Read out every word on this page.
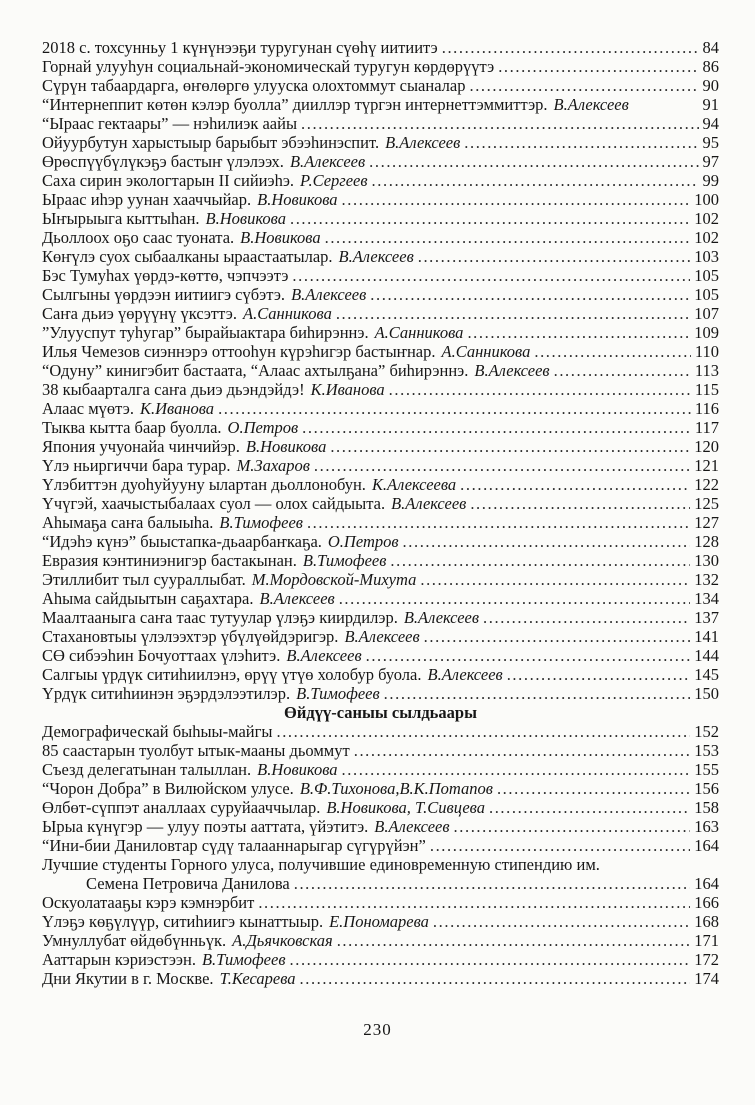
2018 с. тохсунньу 1 күнүнээҕи туругунан сүөһү иитиитэ .....	84
Горнай улууһун социальнай-экономическай туругун көрдөрүүтэ .....	86
Сүрүн табаардарга, өҥөлөргө улууска олохтоммут сыаналар .....	90
“Интернеппит көтөн кэлэр буолла” дииллэр түргэн интернеттэммиттэр. В.Алексеев	91
“Ыраас гектаары” — нэһилиэк аайы .....	94
Ойуурбутун харыстыыр барыбыт эбээһинэспит. В.Алексеев .....	95
Өрөспүүбүлүкэҕэ бастыҥ үлэлээх. В.Алексеев .....	97
Саха сирин экологтарын II сийиэһэ. Р.Сергеев .....	99
Ыраас иһэр уунан хааччыйар. В.Новикова .....	100
Ыҥырыыга кыттыһан. В.Новикова .....	102
Дьоллоох оҕо саас туоната. В.Новикова .....	102
Көҥүлэ суох сыбаалканы ыраастаатылар. В.Алексеев .....	103
Бэс Тумуһах үөрдэ-көттө, чэпчээтэ .....	105
Сылгыны үөрдээн иитиигэ сүбэтэ. В.Алексеев .....	105
Саҥа дьиэ үөрүүнү үксэттэ. А.Санникова .....	107
”Улууспут туһугар” бырайыактара биһирэннэ. А.Санникова .....	109
Илья Чемезов сиэннэрэ оттооһун күрэһигэр бастыҥнар. А.Санникова .....	110
“Одуну” кинигэбит бастаата, “Алаас ахтылҕана” биһирэннэ. В.Алексеев .....	113
38 кыбаарталга саҥа дьиэ дьэндэйдэ! К.Иванова .....	115
Алаас мүөтэ. К.Иванова .....	116
Тыква кытта баар буолла. О.Петров .....	117
Япония учуонайа чинчийэр. В.Новикова .....	120
Үлэ ньиргиччи бара турар. М.Захаров .....	121
Үлэбиттэн дуоһуйууну ылартан дьоллонобун. К.Алексеева .....	122
Үчүгэй, хаачыстыбалаах суол — олох сайдыыта. В.Алексеев .....	125
Аһымаҕа саҥа балыыһа. В.Тимофеев .....	127
“Идэһэ күнэ” быыстапка-дьаарбаҥкаҕа. О.Петров .....	128
Евразия кэнтиниэнигэр бастакынан. В.Тимофеев .....	130
Этиллибит тыл суураллыбат. М.Мордовской-Михута .....	132
Аһыма сайдыытын саҕахтара. В.Алексеев .....	134
Маалтааныга саҥа таас тутуулар үлэҕэ киирдилэр. В.Алексеев .....	137
Стахановтыы үлэлээхтэр үбүлүөйдэригэр. В.Алексеев .....	141
СӨ сибээһин Бочуоттаах үлэһитэ. В.Алексеев .....	144
Салгыы үрдүк ситиһиилэнэ, өрүү үтүө холобур буола. В.Алексеев .....	145
Үрдүк ситиһиинэн эҕэрдэлээтилэр. В.Тимофеев .....	150
Өйдүү-саныы сылдьаары
Демографическай быһыы-майгы .....	152
85 саастарын туолбут ытык-мааны дьоммут .....	153
Съезд делегатынан талыллан. В.Новикова .....	155
“Чорон Добра” в Вилюйском улусе. В.Ф.Тихонова,В.К.Потапов .....	156
Өлбөт-сүппэт аналлаах суруйааччылар. В.Новикова, Т.Сивцева .....	158
Ырыа күнүгэр — улуу поэты ааттата, үйэтитэ. В.Алексеев .....	163
“Ини-бии Даниловтар сүдү талааннарыгар сүгүрүйэн” .....	164
Лучшие студенты Горного улуса, получившие единовременную стипендию им.
Семена Петровича Данилова .....	164
Оскуолатааҕы кэрэ кэмнэрбит .....	166
Үлэҕэ көҕүлүүр, ситиһиигэ кынаттыыр. Е.Пономарева .....	168
Умнуллубат өйдөбүнньүк. А.Дьячковская .....	171
Ааттарын кэриэстээн. В.Тимофеев .....	172
Дни Якутии в г. Москве. Т.Кесарева .....	174
230
